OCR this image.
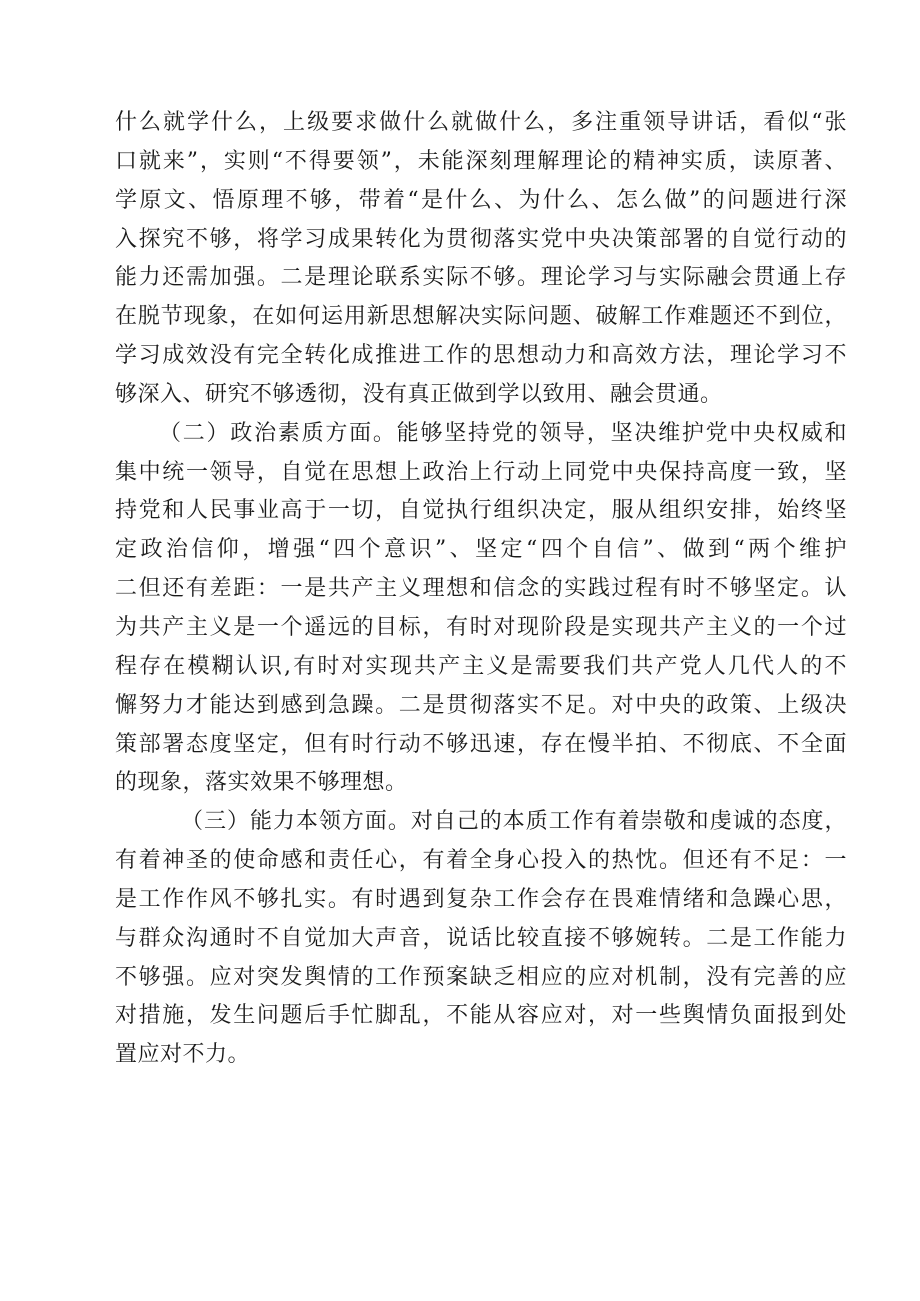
什么就学什么，上级要求做什么就做什么，多注重领导讲话，看似“张
口就来”，实则“不得要领”，未能深刻理解理论的精神实质，读原著、
学原文、悟原理不够，带着“是什么、为什么、怎么做”的问题进行深
入探究不够，将学习成果转化为贯彻落实党中央决策部署的自觉行动的
能力还需加强。二是理论联系实际不够。理论学习与实际融会贯通上存
在脱节现象，在如何运用新思想解决实际问题、破解工作难题还不到位，
学习成效没有完全转化成推进工作的思想动力和高效方法，理论学习不
够深入、研究不够透彻，没有真正做到学以致用、融会贯通。
（二）政治素质方面。能够坚持党的领导，坚决维护党中央权威和
集中统一领导，自觉在思想上政治上行动上同党中央保持高度一致，坚
持党和人民事业高于一切，自觉执行组织决定，服从组织安排，始终坚
定政治信仰，增强“四个意识”、坚定“四个自信”、做到“两个维护
二但还有差距：一是共产主义理想和信念的实践过程有时不够坚定。认
为共产主义是一个遥远的目标，有时对现阶段是实现共产主义的一个过
程存在模糊认识,有时对实现共产主义是需要我们共产党人几代人的不
懈努力才能达到感到急躁。二是贯彻落实不足。对中央的政策、上级决
策部署态度坚定，但有时行动不够迅速，存在慢半拍、不彻底、不全面
的现象，落实效果不够理想。
（三）能力本领方面。对自己的本质工作有着崇敬和虔诚的态度，
有着神圣的使命感和责任心，有着全身心投入的热忱。但还有不足：一
是工作作风不够扎实。有时遇到复杂工作会存在畏难情绪和急躁心思，
与群众沟通时不自觉加大声音，说话比较直接不够婉转。二是工作能力
不够强。应对突发舆情的工作预案缺乏相应的应对机制，没有完善的应
对措施，发生问题后手忙脚乱，不能从容应对，对一些舆情负面报到处
置应对不力。
